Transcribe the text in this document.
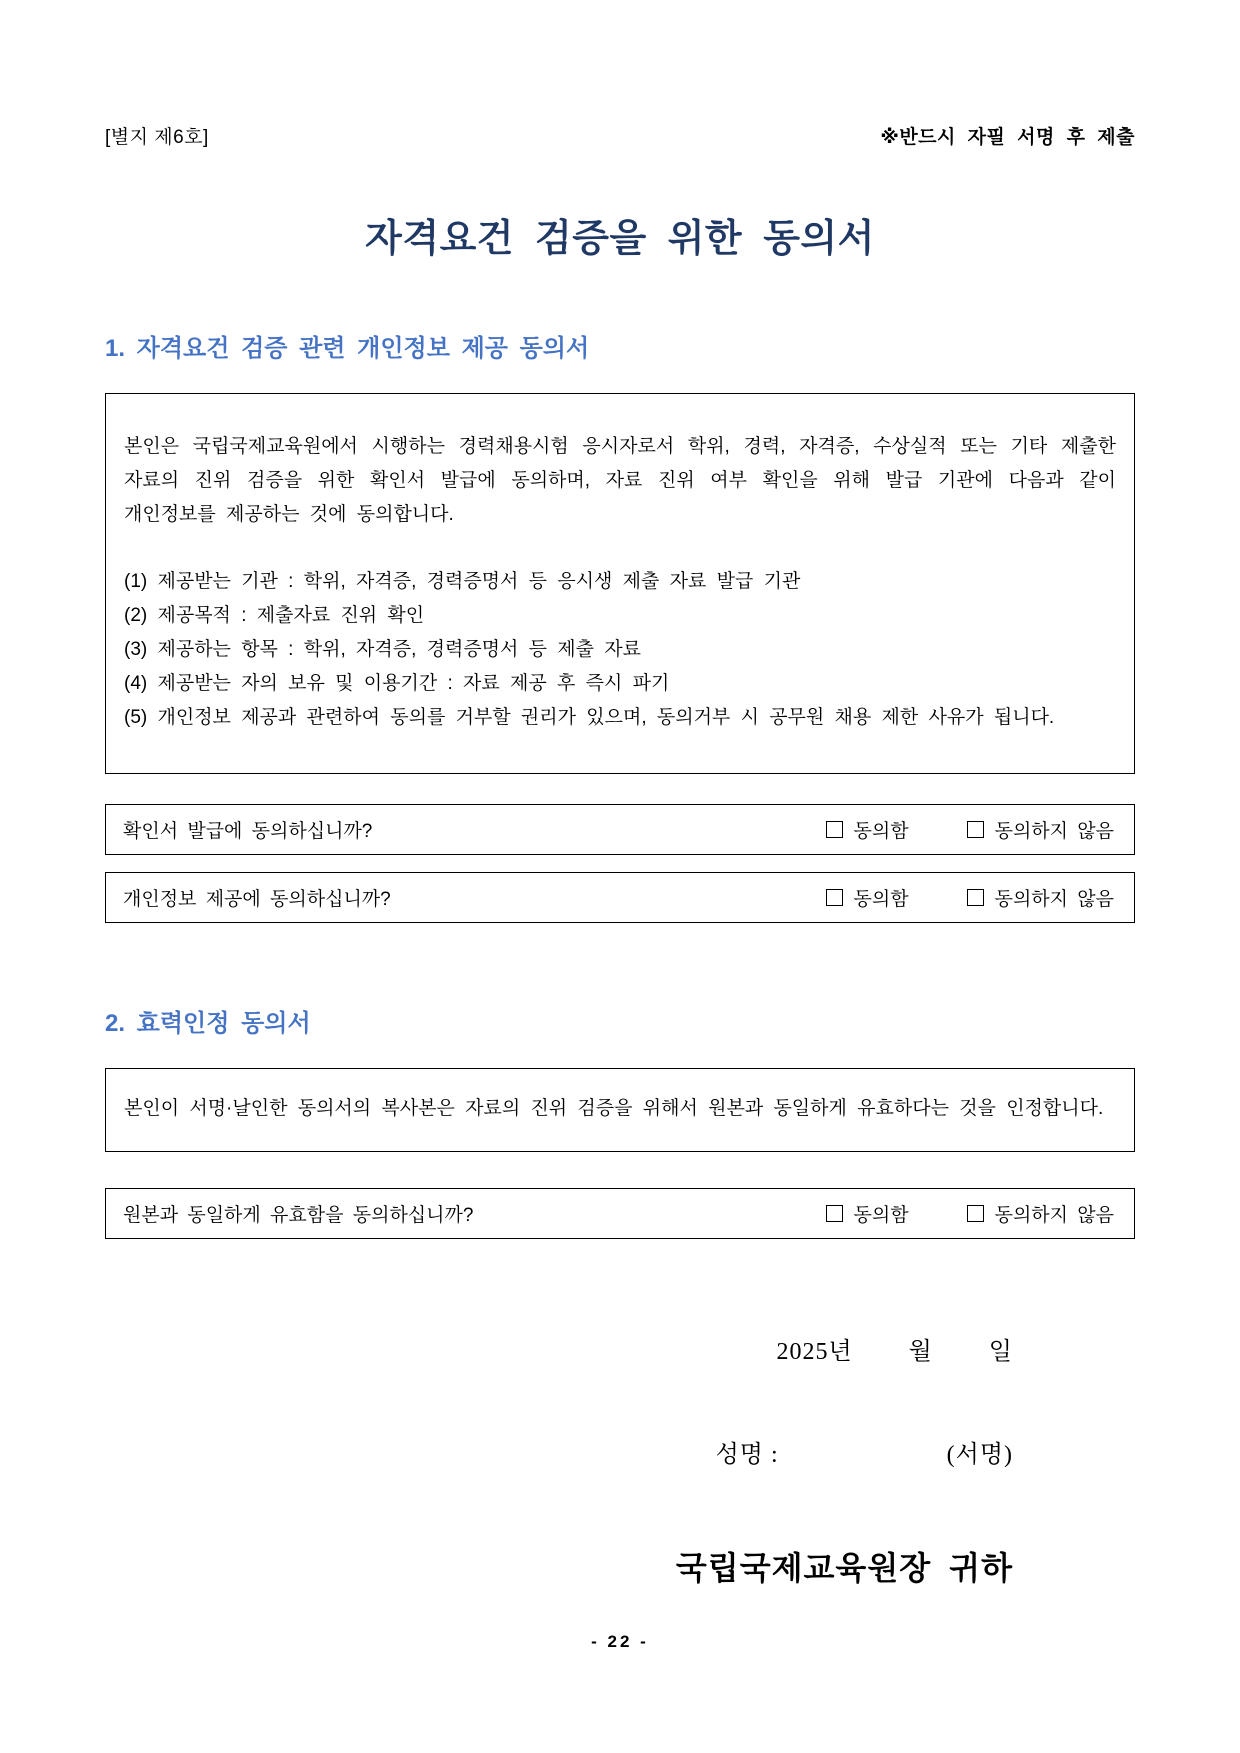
[별지 제6호]	※반드시 자필 서명 후 제출
자격요건 검증을 위한 동의서
1. 자격요건 검증 관련 개인정보 제공 동의서

본인은 국립국제교육원에서 시행하는 경력채용시험 응시자로서 학위, 경력, 자격증, 수상실적 또는 기타 제출한 자료의 진위 검증을 위한 확인서 발급에 동의하며, 자료 진위 여부 확인을 위해 발급 기관에 다음과 같이 개인정보를 제공하는 것에 동의합니다.

(1) 제공받는 기관 : 학위, 자격증, 경력증명서 등 응시생 제출 자료 발급 기관
(2) 제공목적 : 제출자료 진위 확인
(3) 제공하는 항목 : 학위, 자격증, 경력증명서 등 제출 자료
(4) 제공받는 자의 보유 및 이용기간 : 자료 제공 후 즉시 파기
(5) 개인정보 제공과 관련하여 동의를 거부할 권리가 있으며, 동의거부 시 공무원 채용 제한 사유가 됩니다.
확인서 발급에 동의하십니까?	동의함	동의하지 않음
개인정보 제공에 동의하십니까?	동의함	동의하지 않음
2. 효력인정 동의서

본인이 서명·날인한 동의서의 복사본은 자료의 진위 검증을 위해서 원본과 동일하게 유효하다는 것을 인정합니다.

원본과 동일하게 유효함을 동의하십니까?	동의함	동의하지 않음

2025년        월        일

성명 :                        (서명)

국립국제교육원장  귀하

- 22 -
